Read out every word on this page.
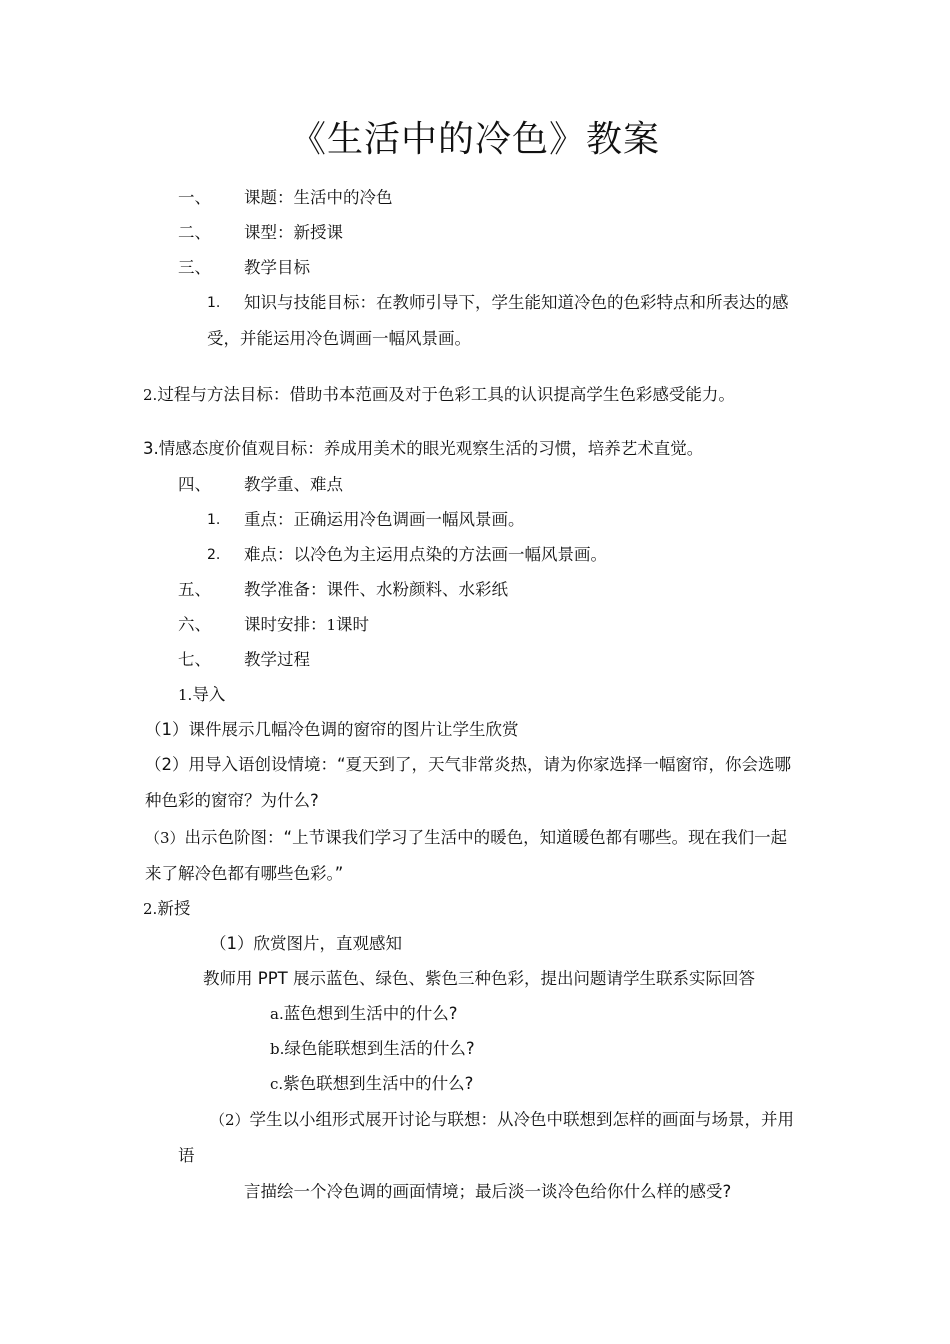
《生活中的冷色》教案
一、 课题：生活中的冷色
二、 课型：新授课
三、 教学目标
1. 知识与技能目标：在教师引导下，学生能知道冷色的色彩特点和所表达的感
受，并能运用冷色调画一幅风景画。
2.过程与方法目标：借助书本范画及对于色彩工具的认识提高学生色彩感受能力。
3.情感态度价值观目标：养成用美术的眼光观察生活的习惯，培养艺术直觉。
四、 教学重、难点
1. 重点：正确运用冷色调画一幅风景画。
2. 难点：以冷色为主运用点染的方法画一幅风景画。
五、 教学准备：课件、水粉颜料、水彩纸
六、 课时安排：1课时
七、 教学过程
1.导入
（1）课件展示几幅冷色调的窗帘的图片让学生欣赏
（2）用导入语创设情境：“夏天到了，天气非常炎热，请为你家选择一幅窗帘，你会选哪
种色彩的窗帘？为什么?
（3）出示色阶图：“上节课我们学习了生活中的暖色，知道暖色都有哪些。现在我们一起
来了解冷色都有哪些色彩。”
2.新授
（1）欣赏图片，直观感知
教师用 PPT 展示蓝色、绿色、紫色三种色彩，提出问题请学生联系实际回答
a.蓝色想到生活中的什么?
b.绿色能联想到生活的什么?
c.紫色联想到生活中的什么?
（2）学生以小组形式展开讨论与联想：从冷色中联想到怎样的画面与场景，并用
语
言描绘一个冷色调的画面情境；最后淡一谈冷色给你什么样的感受?
